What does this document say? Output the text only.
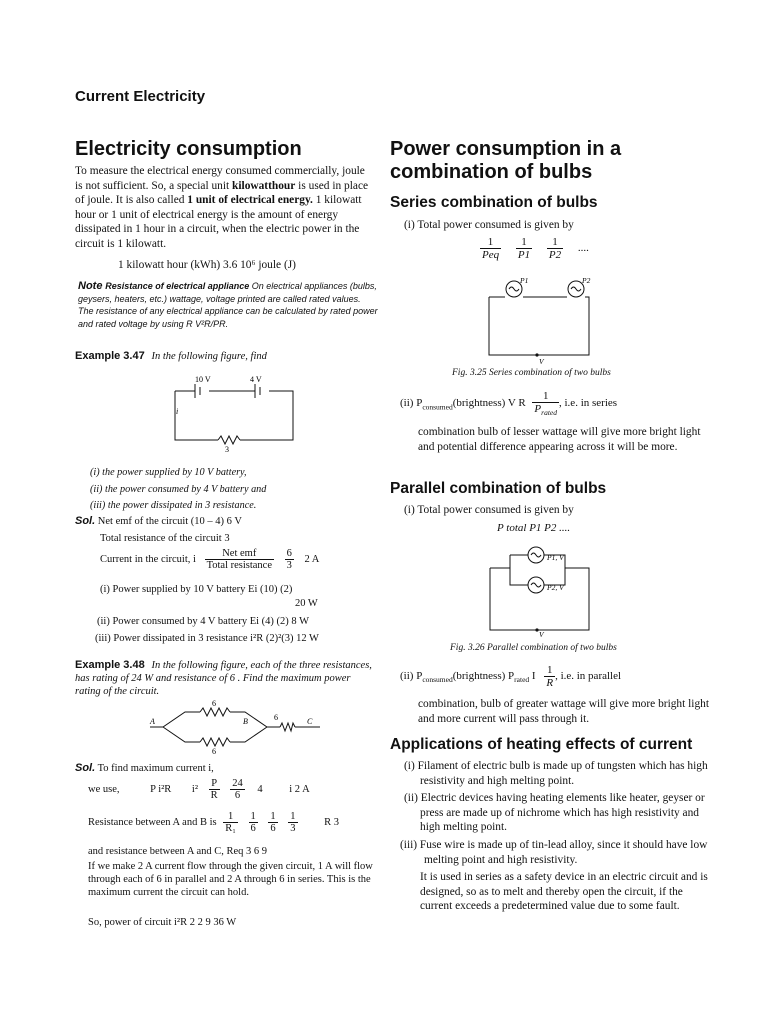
Current Electricity
Electricity consumption
To measure the electrical energy consumed commercially, joule is not sufficient. So, a special unit kilowatthour is used in place of joule. It is also called 1 unit of electrical energy. 1 kilowatt hour or 1 unit of electrical energy is the amount of energy dissipated in 1 hour in a circuit, when the electric power in the circuit is 1 kilowatt.
1 kilowatt hour (kWh) 3.6 10⁶ joule (J)
Note Resistance of electrical appliance On electrical appliances (bulbs, geysers, heaters, etc.) wattage, voltage printed are called rated values. The resistance of any electrical appliance can be calculated by rated power and rated voltage by using R V²R/PR.
Example 3.47 In the following figure, find
10 V	4 V
i
3
(i) the power supplied by 10 V battery,
(ii) the power consumed by 4 V battery and
(iii) the power dissipated in 3 resistance.
Sol. Net emf of the circuit (10 – 4) 6 V
Total resistance of the circuit 3
Current in the circuit, i $\frac{\text{Net emf}}{\text{Total resistance}}$
$\frac{6}{3} 2$ A
(i) Power supplied by 10 V battery Ei (10) (2)
20 W
(ii) Power consumed by 4 V battery Ei (4) (2) 8 W
(iii) Power dissipated in 3 resistance i²R (2)²(3) 12 W
Example 3.48 In the following figure, each of the three resistances, has rating of 24 W and resistance of 6 . Find the maximum power rating of the circuit.
6
6
6
A	B	C
Sol. To find maximum current i,
we use,	P i²R $i^2 \frac{P}{R}$
$\frac{24}{6} 4$	i 2 A
Resistance between A and B is $\frac{1}{\text{R₁}}$
$\frac{1}{6}$
$\frac{1}{6}$
$\frac{1}{3}$	R 3
and resistance between A and C, Req 3 6 9
If we make 2 A current flow through the given circuit, 1 A will flow through each of 6 in parallel and 2 A through 6 in series. This is the maximum current the circuit can hold.
So, power of circuit i²R 2 2 9 36 W
Power consumption in a combination of bulbs
Series combination of bulbs
(i) Total power consumed is given by
$\frac{1}{\text{Peq}}$
$\frac{1}{P1}$
$\frac{1}{P2}$ ....
P1	P2
V
Fig. 3.25 Series combination of two bulbs
(ii) $P_{consumed}(brightness)$ V R $\frac{1}{P_{rated}}$ , i.e. in series
combination bulb of lesser wattage will give more bright light and potential difference appearing across it will be more.
Parallel combination of bulbs
(i) Total power consumed is given by
P total P1 P2 ....
P1, V
P2, V
V
Fig. 3.26 Parallel combination of two bulbs
(ii) $P_{consumed}(brightness)$ $P_{rated}$ I $\frac{1}{R}$ , i.e. in parallel
combination, bulb of greater wattage will give more bright light and more current will pass through it.
Applications of heating effects of current
(i) Filament of electric bulb is made up of tungsten which has high resistivity and high melting point.
(ii) Electric devices having heating elements like heater, geyser or press are made up of nichrome which has high resistivity and high melting point.
(iii) Fuse wire is made up of tin-lead alloy, since it should have low melting point and high resistivity.
It is used in series as a safety device in an electric circuit and is designed, so as to melt and thereby open the circuit, if the current exceeds a predetermined value due to some fault.
